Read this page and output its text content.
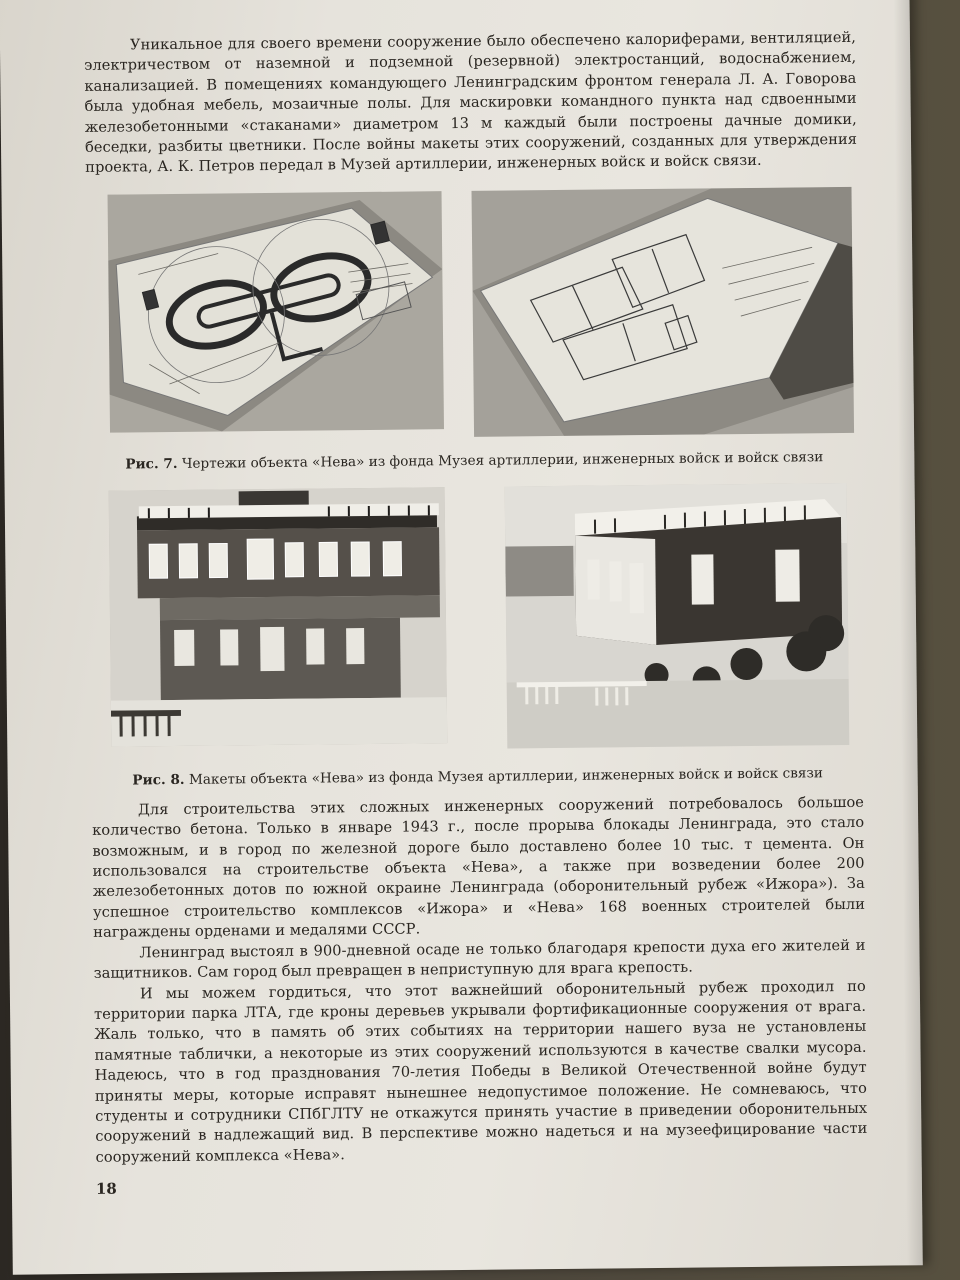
Уникальное для своего времени сооружение было обеспечено калориферами, вентиляцией, электричеством от наземной и подземной (резервной) электростанций, водоснабжением, канализацией. В помещениях командующего Ленинградским фронтом генерала Л. А. Говорова была удобная мебель, мозаичные полы. Для маскировки командного пункта над сдвоенными железобетонными «стаканами» диаметром 13 м каждый были построены дачные домики, беседки, разбиты цветники. После войны макеты этих сооружений, созданных для утверждения проекта, А. К. Петров передал в Музей артиллерии, инженерных войск и войск связи.

Рис. 7. Чертежи объекта «Нева» из фонда Музея артиллерии, инженерных войск и войск связи

Рис. 8. Макеты объекта «Нева» из фонда Музея артиллерии, инженерных войск и войск связи

Для строительства этих сложных инженерных сооружений потребовалось большое количество бетона. Только в январе 1943 г., после прорыва блокады Ленинграда, это стало возможным, и в город по железной дороге было доставлено более 10 тыс. т цемента. Он использовался на строительстве объекта «Нева», а также при возведении более 200 железобетонных дотов по южной окраине Ленинграда (оборонительный рубеж «Ижора»). За успешное строительство комплексов «Ижора» и «Нева» 168 военных строителей были награждены орденами и медалями СССР.

Ленинград выстоял в 900-дневной осаде не только благодаря крепости духа его жителей и защитников. Сам город был превращен в неприступную для врага крепость.

И мы можем гордиться, что этот важнейший оборонительный рубеж проходил по территории парка ЛТА, где кроны деревьев укрывали фортификационные сооружения от врага. Жаль только, что в память об этих событиях на территории нашего вуза не установлены памятные таблички, а некоторые из этих сооружений используются в качестве свалки мусора. Надеюсь, что в год празднования 70-летия Победы в Великой Отечественной войне будут приняты меры, которые исправят нынешнее недопустимое положение. Не сомневаюсь, что студенты и сотрудники СПбГЛТУ не откажутся принять участие в приведении оборонительных сооружений в надлежащий вид. В перспективе можно надеться и на музеефицирование части сооружений комплекса «Нева».

18
